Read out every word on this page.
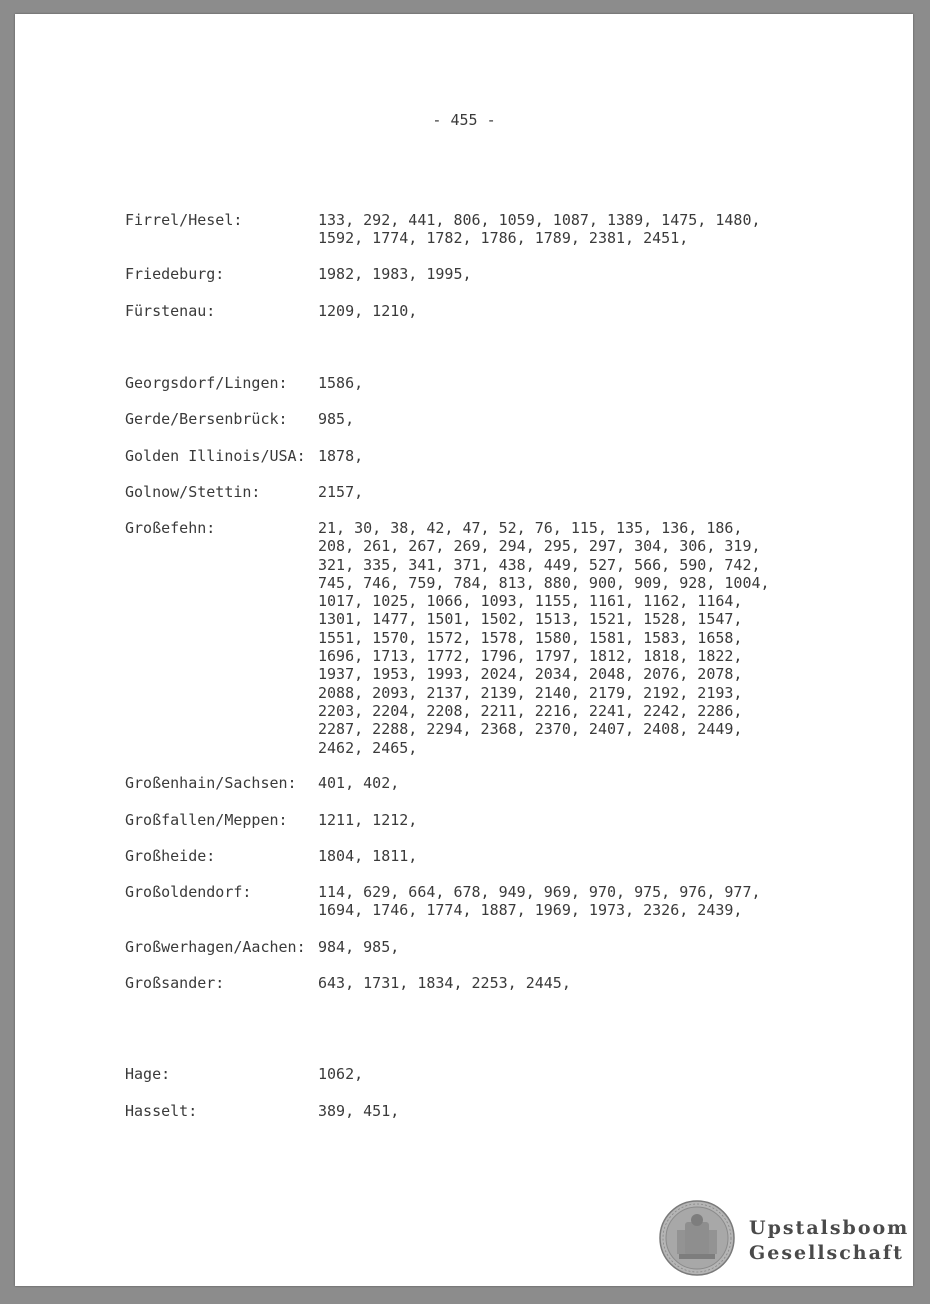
- 455 -
Firrel/Hesel:	133, 292, 441, 806, 1059, 1087, 1389, 1475, 1480,
1592, 1774, 1782, 1786, 1789, 2381, 2451,
Friedeburg:	1982, 1983, 1995,
Fürstenau:	1209, 1210,
Georgsdorf/Lingen:	1586,
Gerde/Bersenbrück:	985,
Golden Illinois/USA: 1878,
Golnow/Stettin:	2157,
Großefehn:	21, 30, 38, 42, 47, 52, 76, 115, 135, 136, 186,
208, 261, 267, 269, 294, 295, 297, 304, 306, 319,
321, 335, 341, 371, 438, 449, 527, 566, 590, 742,
745, 746, 759, 784, 813, 880, 900, 909, 928, 1004,
1017, 1025, 1066, 1093, 1155, 1161, 1162, 1164,
1301, 1477, 1501, 1502, 1513, 1521, 1528, 1547,
1551, 1570, 1572, 1578, 1580, 1581, 1583, 1658,
1696, 1713, 1772, 1796, 1797, 1812, 1818, 1822,
1937, 1953, 1993, 2024, 2034, 2048, 2076, 2078,
2088, 2093, 2137, 2139, 2140, 2179, 2192, 2193,
2203, 2204, 2208, 2211, 2216, 2241, 2242, 2286,
2287, 2288, 2294, 2368, 2370, 2407, 2408, 2449,
2462, 2465,
Großenhain/Sachsen:	401, 402,
Großfallen/Meppen:	1211, 1212,
Großheide:	1804, 1811,
Großoldendorf:	114, 629, 664, 678, 949, 969, 970, 975, 976, 977,
1694, 1746, 1774, 1887, 1969, 1973, 2326, 2439,
Großwerhagen/Aachen: 984, 985,
Großsander:	643, 1731, 1834, 2253, 2445,
Hage:	1062,
Hasselt:	389, 451,
Upstalsboom
Gesellschaft
